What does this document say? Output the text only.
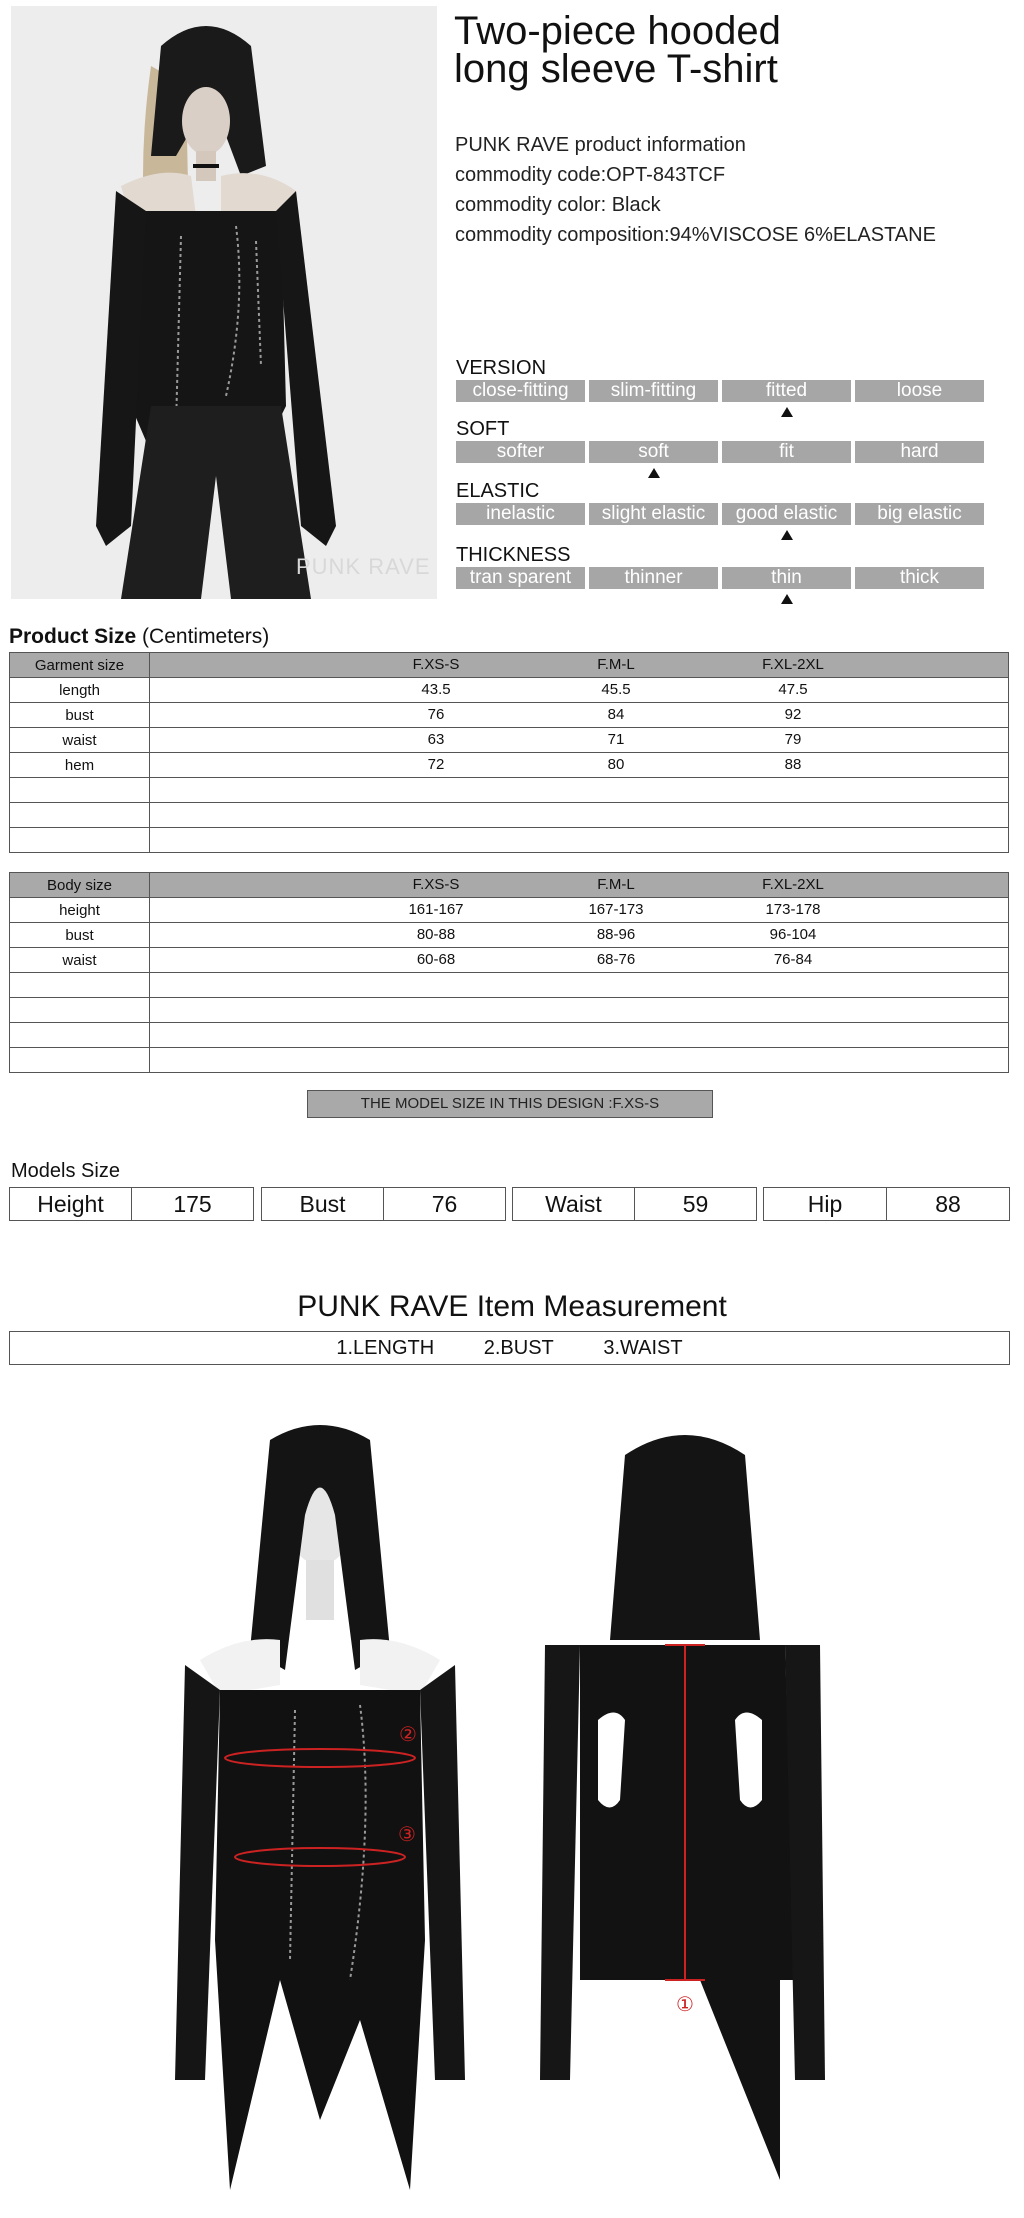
PUNK RAVE
Two-piece hooded
long sleeve T-shirt
PUNK RAVE product information
commodity code:OPT-843TCF
commodity color: Black
commodity composition:94%VISCOSE 6%ELASTANE
VERSION
close-fitting	slim-fitting	fitted	loose
SOFT
softer	soft	fit	hard
ELASTIC
inelastic	slight elastic	good elastic	big elastic
THICKNESS
tran sparent	thinner	thin	thick
Product Size (Centimeters)
Garment size	F.XS-S F.M-L F.XL-2XL

length	43.5 45.5 47.5

bust	76 84 92

waist	63 71 79

hem	72 80 88

Body size	F.XS-S F.M-L F.XL-2XL

height	161-167 167-173 173-178

bust	80-88 88-96 96-104

waist	60-68 68-76 76-84

THE MODEL SIZE IN THIS DESIGN :F.XS-S
Models Size
Height	175	Bust	76	Waist	59	Hip	88
PUNK RAVE Item Measurement
1.LENGTH 2.BUST 3.WAIST
②
③
①
